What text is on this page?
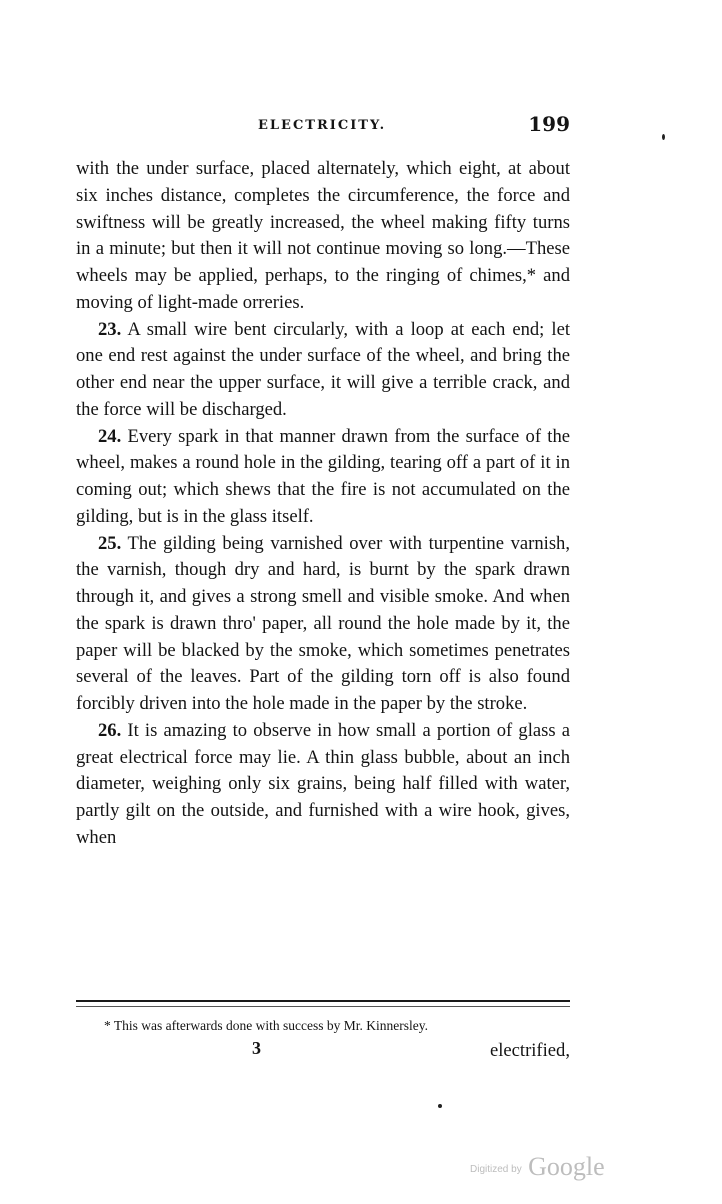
ELECTRICITY.	199

with the under surface, placed alternately, which eight, at about six inches distance, completes the circumference, the force and swiftness will be greatly increased, the wheel making fifty turns in a minute; but then it will not continue moving so long.—These wheels may be applied, perhaps, to the ringing of chimes,* and moving of light-made orreries.

23. A small wire bent circularly, with a loop at each end; let one end rest against the under surface of the wheel, and bring the other end near the upper surface, it will give a terrible crack, and the force will be discharged.

24. Every spark in that manner drawn from the surface of the wheel, makes a round hole in the gilding, tearing off a part of it in coming out; which shews that the fire is not accumulated on the gilding, but is in the glass itself.

25. The gilding being varnished over with turpentine varnish, the varnish, though dry and hard, is burnt by the spark drawn through it, and gives a strong smell and visible smoke. And when the spark is drawn thro' paper, all round the hole made by it, the paper will be blacked by the smoke, which sometimes penetrates several of the leaves. Part of the gilding torn off is also found forcibly driven into the hole made in the paper by the stroke.

26. It is amazing to observe in how small a portion of glass a great electrical force may lie. A thin glass bubble, about an inch diameter, weighing only six grains, being half filled with water, partly gilt on the outside, and furnished with a wire hook, gives, when

* This was afterwards done with success by Mr. Kinnersley.
3	electrified,
Digitized by Google
